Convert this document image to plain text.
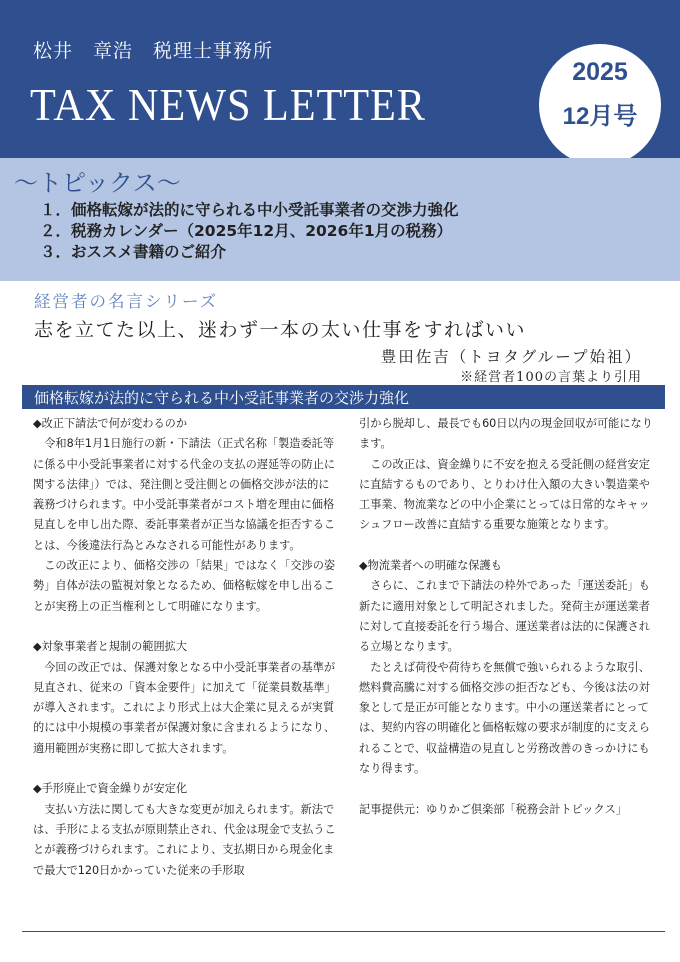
松井　章浩　税理士事務所
TAX NEWS LETTER
2025
12月号
～トピックス～
１．価格転嫁が法的に守られる中小受託事業者の交渉力強化
２．税務カレンダー（2025年12月、2026年1月の税務）
３．おススメ書籍のご紹介
経営者の名言シリーズ
志を立てた以上、迷わず一本の太い仕事をすればいい
豊田佐吉（トヨタグループ始祖）
※経営者100の言葉より引用
価格転嫁が法的に守られる中小受託事業者の交渉力強化

◆改正下請法で何が変わるのか

令和8年1月1日施行の新・下請法（正式名称「製造委託等に係る中小受託事業者に対する代金の支払の遅延等の防止に関する法律」）では、発注側と受注側との価格交渉が法的に義務づけられます。中小受託事業者がコスト増を理由に価格見直しを申し出た際、委託事業者が正当な協議を拒否することは、今後違法行為とみなされる可能性があります。

この改正により、価格交渉の「結果」ではなく「交渉の姿勢」自体が法の監視対象となるため、価格転嫁を申し出ることが実務上の正当権利として明確になります。

◆対象事業者と規制の範囲拡大

今回の改正では、保護対象となる中小受託事業者の基準が見直され、従来の「資本金要件」に加えて「従業員数基準」が導入されます。これにより形式上は大企業に見えるが実質的には中小規模の事業者が保護対象に含まれるようになり、適用範囲が実務に即して拡大されます。

◆手形廃止で資金繰りが安定化

支払い方法に関しても大きな変更が加えられます。新法では、手形による支払が原則禁止され、代金は現金で支払うことが義務づけられます。これにより、支払期日から現金化まで最大で120日かかっていた従来の手形取

引から脱却し、最長でも60日以内の現金回収が可能になります。

この改正は、資金繰りに不安を抱える受託側の経営安定に直結するものであり、とりわけ仕入額の大きい製造業や工事業、物流業などの中小企業にとっては日常的なキャッシュフロー改善に直結する重要な施策となります。

◆物流業者への明確な保護も

さらに、これまで下請法の枠外であった「運送委託」も新たに適用対象として明記されました。発荷主が運送業者に対して直接委託を行う場合、運送業者は法的に保護される立場となります。

たとえば荷役や荷待ちを無償で強いられるような取引、燃料費高騰に対する価格交渉の拒否なども、今後は法の対象として是正が可能となります。中小の運送業者にとっては、契約内容の明確化と価格転嫁の要求が制度的に支えられることで、収益構造の見直しと労務改善のきっかけにもなり得ます。

記事提供元：ゆりかご倶楽部「税務会計トピックス」
